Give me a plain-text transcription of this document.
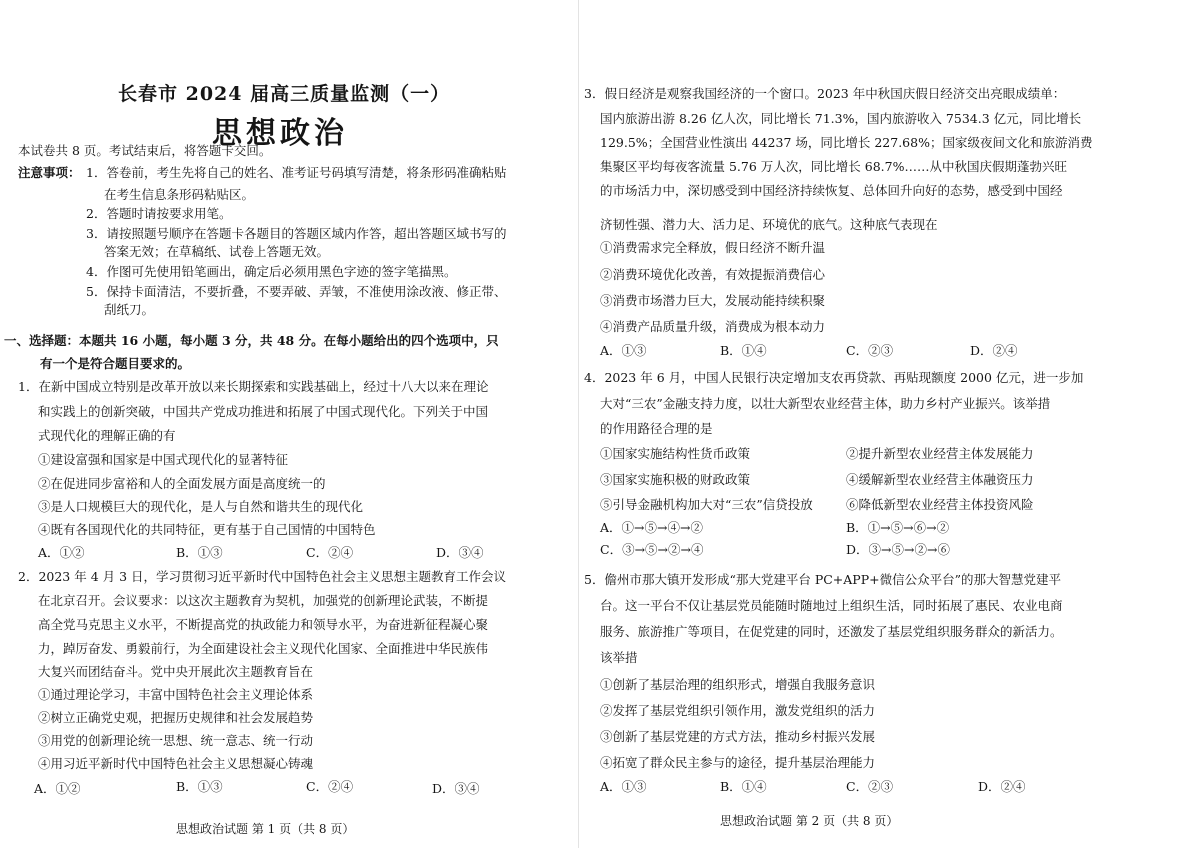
长春市 2024 届高三质量监测（一）
思想政治
本试卷共 8 页。考试结束后，将答题卡交回。
注意事项： 1．答卷前，考生先将自己的姓名、准考证号码填写清楚，将条形码准确粘贴
在考生信息条形码粘贴区。
2．答题时请按要求用笔。
3．请按照题号顺序在答题卡各题目的答题区域内作答，超出答题区域书写的
答案无效；在草稿纸、试卷上答题无效。
4．作图可先使用铅笔画出，确定后必须用黑色字迹的签字笔描黑。
5．保持卡面清洁，不要折叠，不要弄破、弄皱，不准使用涂改液、修正带、
刮纸刀。
一、选择题：本题共 16 小题，每小题 3 分，共 48 分。在每小题给出的四个选项中，只
有一个是符合题目要求的。
1．在新中国成立特别是改革开放以来长期探索和实践基础上，经过十八大以来在理论
和实践上的创新突破，中国共产党成功推进和拓展了中国式现代化。下列关于中国
式现代化的理解正确的有
①建设富强和国家是中国式现代化的显著特征
②在促进同步富裕和人的全面发展方面是高度统一的
③是人口规模巨大的现代化，是人与自然和谐共生的现代化
④既有各国现代化的共同特征，更有基于自己国情的中国特色
A．①②	B．①③	C．②④	D．③④
2．2023 年 4 月 3 日，学习贯彻习近平新时代中国特色社会主义思想主题教育工作会议
在北京召开。会议要求：以这次主题教育为契机，加强党的创新理论武装，不断提
高全党马克思主义水平，不断提高党的执政能力和领导水平，为奋进新征程凝心聚
力，踔厉奋发、勇毅前行，为全面建设社会主义现代化国家、全面推进中华民族伟
大复兴而团结奋斗。党中央开展此次主题教育旨在
①通过理论学习，丰富中国特色社会主义理论体系
②树立正确党史观，把握历史规律和社会发展趋势
③用党的创新理论统一思想、统一意志、统一行动
④用习近平新时代中国特色社会主义思想凝心铸魂
A．①②	B．①③	C．②④	D．③④
思想政治试题 第 1 页（共 8 页）
3．假日经济是观察我国经济的一个窗口。2023 年中秋国庆假日经济交出亮眼成绩单：
国内旅游出游 8.26 亿人次，同比增长 71.3%，国内旅游收入 7534.3 亿元，同比增长
129.5%；全国营业性演出 44237 场，同比增长 227.68%；国家级夜间文化和旅游消费
集聚区平均每夜客流量 5.76 万人次，同比增长 68.7%……从中秋国庆假期蓬勃兴旺
的市场活力中，深切感受到中国经济持续恢复、总体回升向好的态势，感受到中国经
济韧性强、潜力大、活力足、环境优的底气。这种底气表现在
①消费需求完全释放，假日经济不断升温
②消费环境优化改善，有效提振消费信心
③消费市场潜力巨大，发展动能持续积聚
④消费产品质量升级，消费成为根本动力
A．①③	B．①④	C．②③	D．②④
4．2023 年 6 月，中国人民银行决定增加支农再贷款、再贴现额度 2000 亿元，进一步加
大对“三农”金融支持力度，以壮大新型农业经营主体，助力乡村产业振兴。该举措
的作用路径合理的是
①国家实施结构性货币政策	②提升新型农业经营主体发展能力
③国家实施积极的财政政策	④缓解新型农业经营主体融资压力
⑤引导金融机构加大对“三农”信贷投放	⑥降低新型农业经营主体投资风险
A．①→⑤→④→②	B．①→⑤→⑥→②
C．③→⑤→②→④	D．③→⑤→②→⑥
5．儋州市那大镇开发形成“那大党建平台 PC+APP+微信公众平台”的那大智慧党建平
台。这一平台不仅让基层党员能随时随地过上组织生活，同时拓展了惠民、农业电商
服务、旅游推广等项目，在促党建的同时，还激发了基层党组织服务群众的新活力。
该举措
①创新了基层治理的组织形式，增强自我服务意识
②发挥了基层党组织引领作用，激发党组织的活力
③创新了基层党建的方式方法，推动乡村振兴发展
④拓宽了群众民主参与的途径，提升基层治理能力
A．①③	B．①④	C．②③	D．②④
思想政治试题 第 2 页（共 8 页）
